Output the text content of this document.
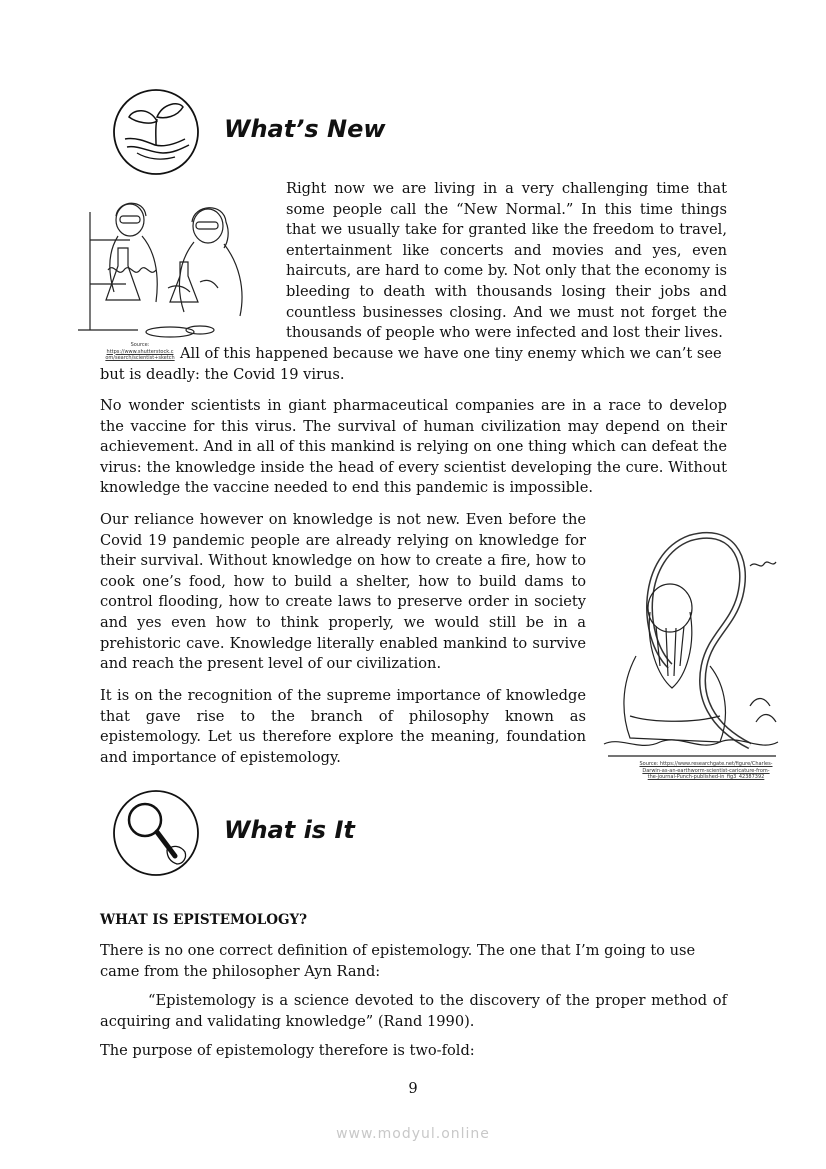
What’s New
Source:
https://www.shutterstock.c
om/search/scientist+sketch

Right now we are living in a very challenging time that some people call the “New Normal.” In this time things that we usually take for granted like the freedom to travel, entertainment like concerts and movies and yes, even haircuts, are hard to come by. Not only that the economy is bleeding to death with thousands losing their jobs and countless businesses closing. And we must not forget the thousands of people who were infected and lost their lives.

All of this happened because we have one tiny enemy which we can’t see

but is deadly: the Covid 19 virus.

No wonder scientists in giant pharmaceutical companies are in a race to develop the vaccine for this virus. The survival of human civilization may depend on their achievement. And in all of this mankind is relying on one thing which can defeat the virus: the knowledge inside the head of every scientist developing the cure. Without knowledge the vaccine needed to end this pandemic is impossible.

Our reliance however on knowledge is not new. Even before the Covid 19 pandemic people are already relying on knowledge for their survival. Without knowledge on how to create a fire, how to cook one’s food, how to build a shelter, how to build dams to control flooding, how to create laws to preserve order in society and yes even how to think properly, we would still be in a prehistoric cave. Knowledge literally enabled mankind to survive and reach the present level of our civilization.

It is on the recognition of the supreme importance of knowledge that gave rise to the branch of philosophy known as epistemology. Let us therefore explore the meaning, foundation and importance of epistemology.	Source: https://www.researchgate.net/figure/Charles-
Darwin-as-an-earthworm-scientist-caricature-from-
the-journal-Punch-published-in_fig3_42387392
What is It
WHAT IS EPISTEMOLOGY?

There is no one correct definition of epistemology. The one that I’m going to use came from the philosopher Ayn Rand:

“Epistemology is a science devoted to the discovery of the proper method of acquiring and validating knowledge” (Rand 1990).

The purpose of epistemology therefore is two-fold:

9
www.modyul.online
